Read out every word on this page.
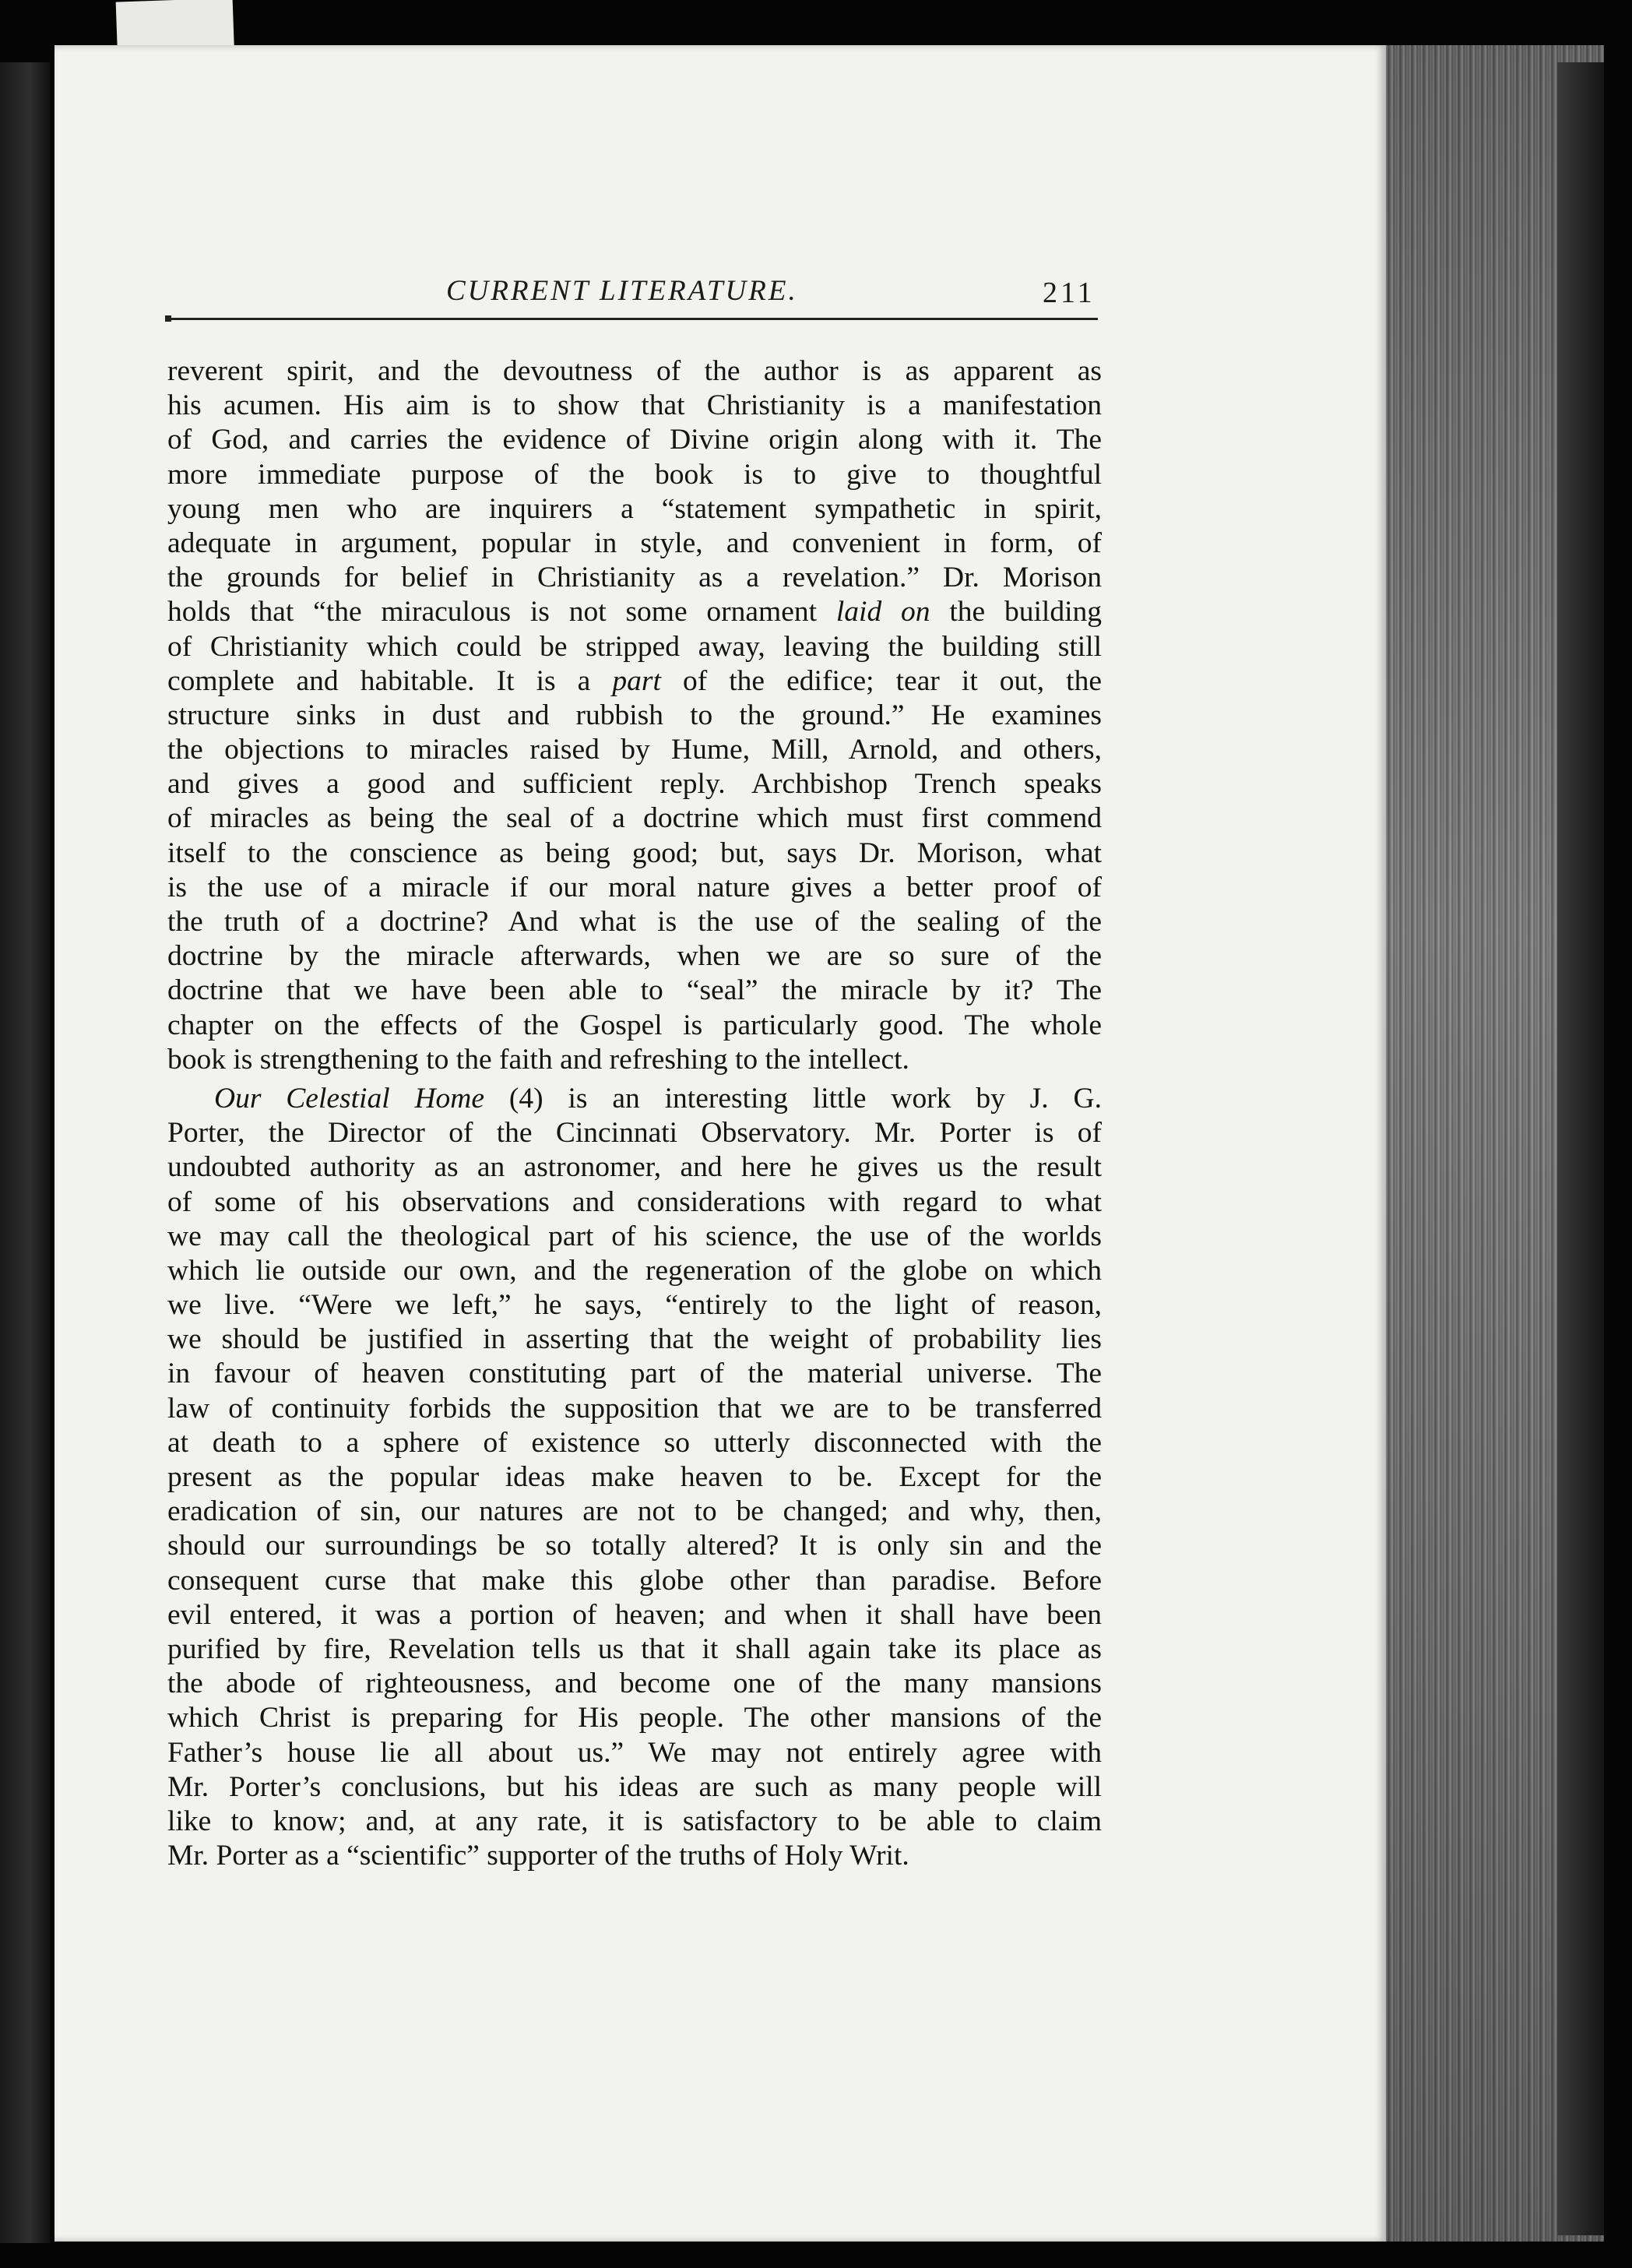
CURRENT LITERATURE.	211
reverent spirit, and the devoutness of the author is as apparent as
his acumen. His aim is to show that Christianity is a manifestation
of God, and carries the evidence of Divine origin along with it. The
more immediate purpose of the book is to give to thoughtful
young men who are inquirers a “statement sympathetic in spirit,
adequate in argument, popular in style, and convenient in form, of
the grounds for belief in Christianity as a revelation.” Dr. Morison
holds that “the miraculous is not some ornament laid on the building
of Christianity which could be stripped away, leaving the building still
complete and habitable. It is a part of the edifice; tear it out, the
structure sinks in dust and rubbish to the ground.” He examines
the objections to miracles raised by Hume, Mill, Arnold, and others,
and gives a good and sufficient reply. Archbishop Trench speaks
of miracles as being the seal of a doctrine which must first commend
itself to the conscience as being good; but, says Dr. Morison, what
is the use of a miracle if our moral nature gives a better proof of
the truth of a doctrine? And what is the use of the sealing of the
doctrine by the miracle afterwards, when we are so sure of the
doctrine that we have been able to “seal” the miracle by it? The
chapter on the effects of the Gospel is particularly good. The whole
book is strengthening to the faith and refreshing to the intellect.
Our Celestial Home (4) is an interesting little work by J. G.
Porter, the Director of the Cincinnati Observatory. Mr. Porter is of
undoubted authority as an astronomer, and here he gives us the result
of some of his observations and considerations with regard to what
we may call the theological part of his science, the use of the worlds
which lie outside our own, and the regeneration of the globe on which
we live. “Were we left,” he says, “entirely to the light of reason,
we should be justified in asserting that the weight of probability lies
in favour of heaven constituting part of the material universe. The
law of continuity forbids the supposition that we are to be transferred
at death to a sphere of existence so utterly disconnected with the
present as the popular ideas make heaven to be. Except for the
eradication of sin, our natures are not to be changed; and why, then,
should our surroundings be so totally altered? It is only sin and the
consequent curse that make this globe other than paradise. Before
evil entered, it was a portion of heaven; and when it shall have been
purified by fire, Revelation tells us that it shall again take its place as
the abode of righteousness, and become one of the many mansions
which Christ is preparing for His people. The other mansions of the
Father’s house lie all about us.” We may not entirely agree with
Mr. Porter’s conclusions, but his ideas are such as many people will
like to know; and, at any rate, it is satisfactory to be able to claim
Mr. Porter as a “scientific” supporter of the truths of Holy Writ.
